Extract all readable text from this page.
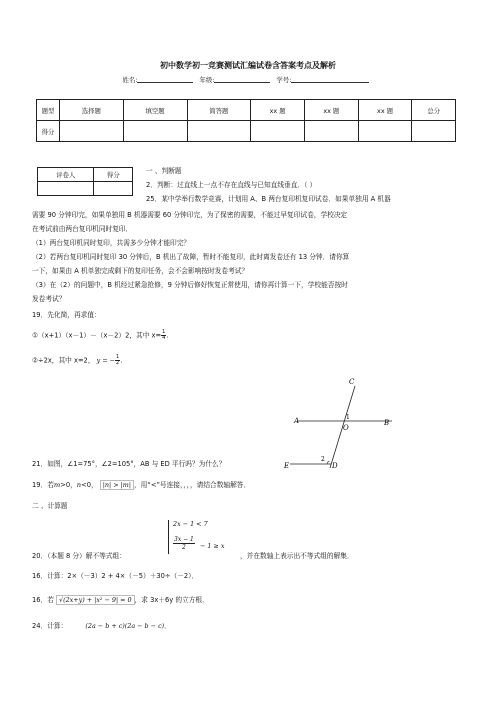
初中数学初一竞赛测试汇编试卷含答案考点及解析
姓名:	年级:	学号:
题型	选择题	填空题	简答题	xx 题	xx 题	xx 题	总分
得分							
评卷人	得分
		一 、判断题
2．判断：过直线上一点不存在直线与已知直线垂直．（ ）
25．某中学举行数学竞赛，计划用 A、B 两台复印机复印试卷．如果单独用 A 机器
需要 90 分钟印完，如果单独用 B 机器需要 60 分钟印完，为了保密的需要，不能过早复印试卷，学校决定
在考试前由两台复印机同时复印．
（1）两台复印机同时复印，共需多少分钟才能印完？
（2）若两台复印机同时复印 30 分钟后，B 机出了故障，暂时不能复印，此时离发卷还有 13 分钟．请你算
一下，如果由 A 机单独完成剩下的复印任务，会不会影响按时发卷考试？
（3）在（2）的问题中，B 机经过紧急抢修，9 分钟后修好恢复正常使用，请你再计算一下，学校能否按时
发卷考试？
19．先化简，再求值：
①（x+1）（x－1）－（x－2）2，其中 $x= \frac{1}{4}$ .
②÷2x，其中 x=2， y = − $\frac{1}{2}$ .
A	B
C
D
E
O
1
2
21．如图，∠1=75°，∠2=105°，AB 与 ED 平行吗？为什么？
19．若m>0，n<0， |n| > |m| ，用“<”号连接，，，，请结合数轴解答．
二 、计算题
2x − 1 < 7
$\frac{3x - 1}{2} - 1 \ge x$
20．（本题 8 分）解不等式组：	，并在数轴上表示出不等式组的解集．
16．计算：2×（－3）2 + 4×（－5）＋30÷（－2）．
16．若 √(2x+y) + |x² − 9| = 0 ，求 3x＋6y 的立方根．
24．计算：	(2a − b + c)(2a − b − c)．
